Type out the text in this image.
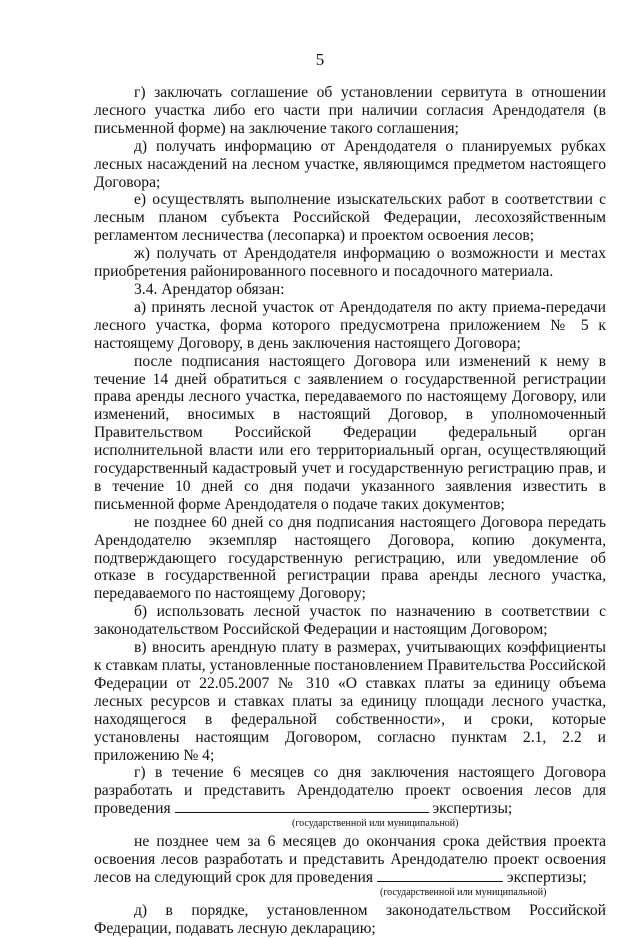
5

г) заключать соглашение об установлении сервитута в отношении лесного участка либо его части при наличии согласия Арендодателя (в письменной форме) на заключение такого соглашения;

д) получать информацию от Арендодателя о планируемых рубках лесных насаждений на лесном участке, являющимся предметом настоящего Договора;

е) осуществлять выполнение изыскательских работ в соответствии с лесным планом субъекта Российской Федерации, лесохозяйственным регламентом лесничества (лесопарка) и проектом освоения лесов;

ж) получать от Арендодателя информацию о возможности и местах приобретения районированного посевного и посадочного материала.

3.4. Арендатор обязан:

а) принять лесной участок от Арендодателя по акту приема-передачи лесного участка, форма которого предусмотрена приложением № 5 к настоящему Договору, в день заключения настоящего Договора;

после подписания настоящего Договора или изменений к нему в течение 14 дней обратиться с заявлением о государственной регистрации права аренды лесного участка, передаваемого по настоящему Договору, или изменений, вносимых в настоящий Договор, в уполномоченный Правительством Российской Федерации федеральный орган исполнительной власти или его территориальный орган, осуществляющий государственный кадастровый учет и государственную регистрацию прав, и в течение 10 дней со дня подачи указанного заявления известить в письменной форме Арендодателя о подаче таких документов;

не позднее 60 дней со дня подписания настоящего Договора передать Арендодателю экземпляр настоящего Договора, копию документа, подтверждающего государственную регистрацию, или уведомление об отказе в государственной регистрации права аренды лесного участка, передаваемого по настоящему Договору;

б) использовать лесной участок по назначению в соответствии с законодательством Российской Федерации и настоящим Договором;

в) вносить арендную плату в размерах, учитывающих коэффициенты к ставкам платы, установленные постановлением Правительства Российской Федерации от 22.05.2007 № 310 «О ставках платы за единицу объема лесных ресурсов и ставках платы за единицу площади лесного участка, находящегося в федеральной собственности», и сроки, которые установлены настоящим Договором, согласно пунктам 2.1, 2.2 и приложению № 4;

г) в течение 6 месяцев со дня заключения настоящего Договора разработать и представить Арендодателю проект освоения лесов для проведения	экспертизы;

(государственной или муниципальной)

не позднее чем за 6 месяцев до окончания срока действия проекта освоения лесов разработать и представить Арендодателю проект освоения лесов на следующий срок для проведения	экспертизы;

(государственной или муниципальной)

д) в порядке, установленном законодательством Российской Федерации, подавать лесную декларацию;
